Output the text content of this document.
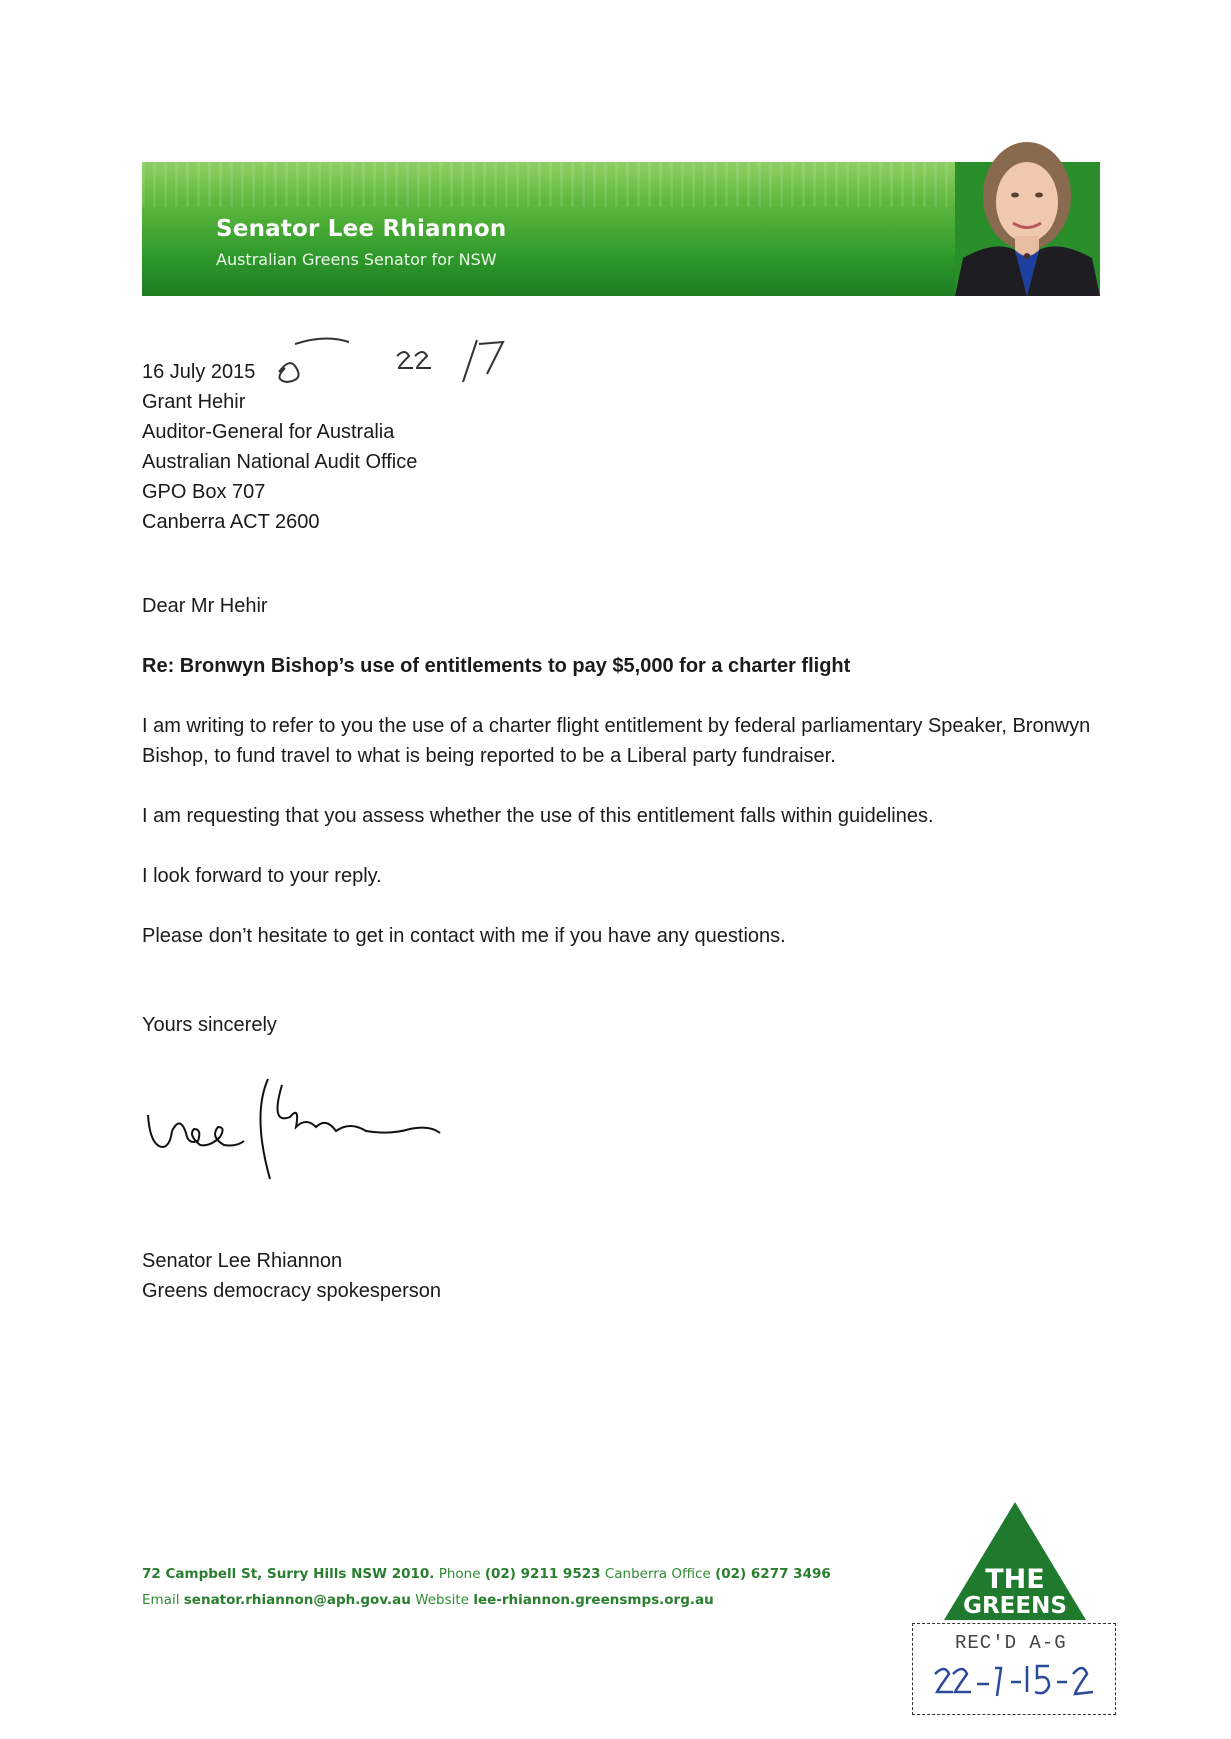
Senator Lee Rhiannon
Australian Greens Senator for NSW
16 July 2015
Grant Hehir
Auditor-General for Australia
Australian National Audit Office
GPO Box 707
Canberra ACT 2600
Dear Mr Hehir
Re: Bronwyn Bishop’s use of entitlements to pay $5,000 for a charter flight
I am writing to refer to you the use of a charter flight entitlement by federal parliamentary Speaker, Bronwyn Bishop, to fund travel to what is being reported to be a Liberal party fundraiser.
I am requesting that you assess whether the use of this entitlement falls within guidelines.
I look forward to your reply.
Please don’t hesitate to get in contact with me if you have any questions.
Yours sincerely
Senator Lee Rhiannon
Greens democracy spokesperson
72 Campbell St, Surry Hills NSW 2010. Phone (02) 9211 9523 Canberra Office (02) 6277 3496
Email senator.rhiannon@aph.gov.au Website lee-rhiannon.greensmps.org.au
THE
GREENS
REC'D A-G
